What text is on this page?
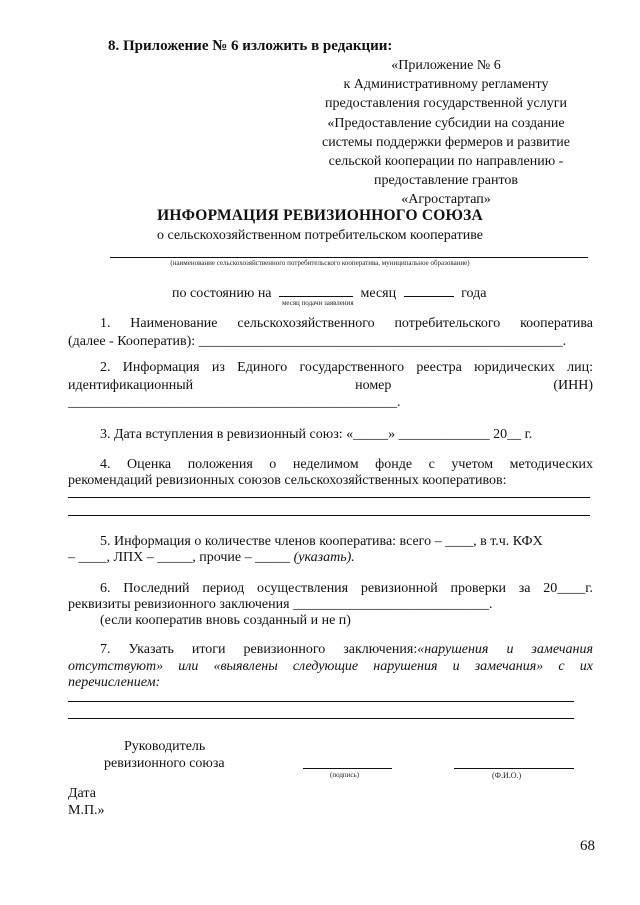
8. Приложение № 6 изложить в редакции:
«Приложение № 6
к Административному регламенту
предоставления государственной услуги
«Предоставление субсидии на создание
системы поддержки фермеров и развитие
сельской кооперации по направлению -
предоставление грантов
«Агростартап»
ИНФОРМАЦИЯ РЕВИЗИОННОГО СОЮЗА
о сельскохозяйственном потребительском кооперативе
(наименование сельскохозяйственного потребительского кооператива, муниципальное образование)
по состоянию на	месяц	года
месяц подачи заявления
1. Наименование сельскохозяйственного потребительского кооператива
(далее - Кооператив): ____________________________________________________.
2. Информация из Единого государственного реестра юридических лиц:
идентификационный	номер	(ИНН)
_______________________________________________.
3. Дата вступления в ревизионный союз: «_____» _____________ 20__ г.
4. Оценка положения о неделимом фонде с учетом методических
рекомендаций ревизионных союзов сельскохозяйственных кооперативов:
5. Информация о количестве членов кооператива: всего – ____, в т.ч. КФХ
– ____, ЛПХ – _____, прочие – _____ (указать).
6. Последний период осуществления ревизионной проверки за 20____г.
реквизиты ревизионного заключения ____________________________.
(если кооператив вновь созданный и не п)
7. Указать итоги ревизионного заключения:«нарушения и замечания
отсутствуют» или «выявлены следующие нарушения и замечания» с их
перечислением:
Руководитель
ревизионного союза
(подпись)	(Ф.И.О.)
Дата
М.П.»
68
